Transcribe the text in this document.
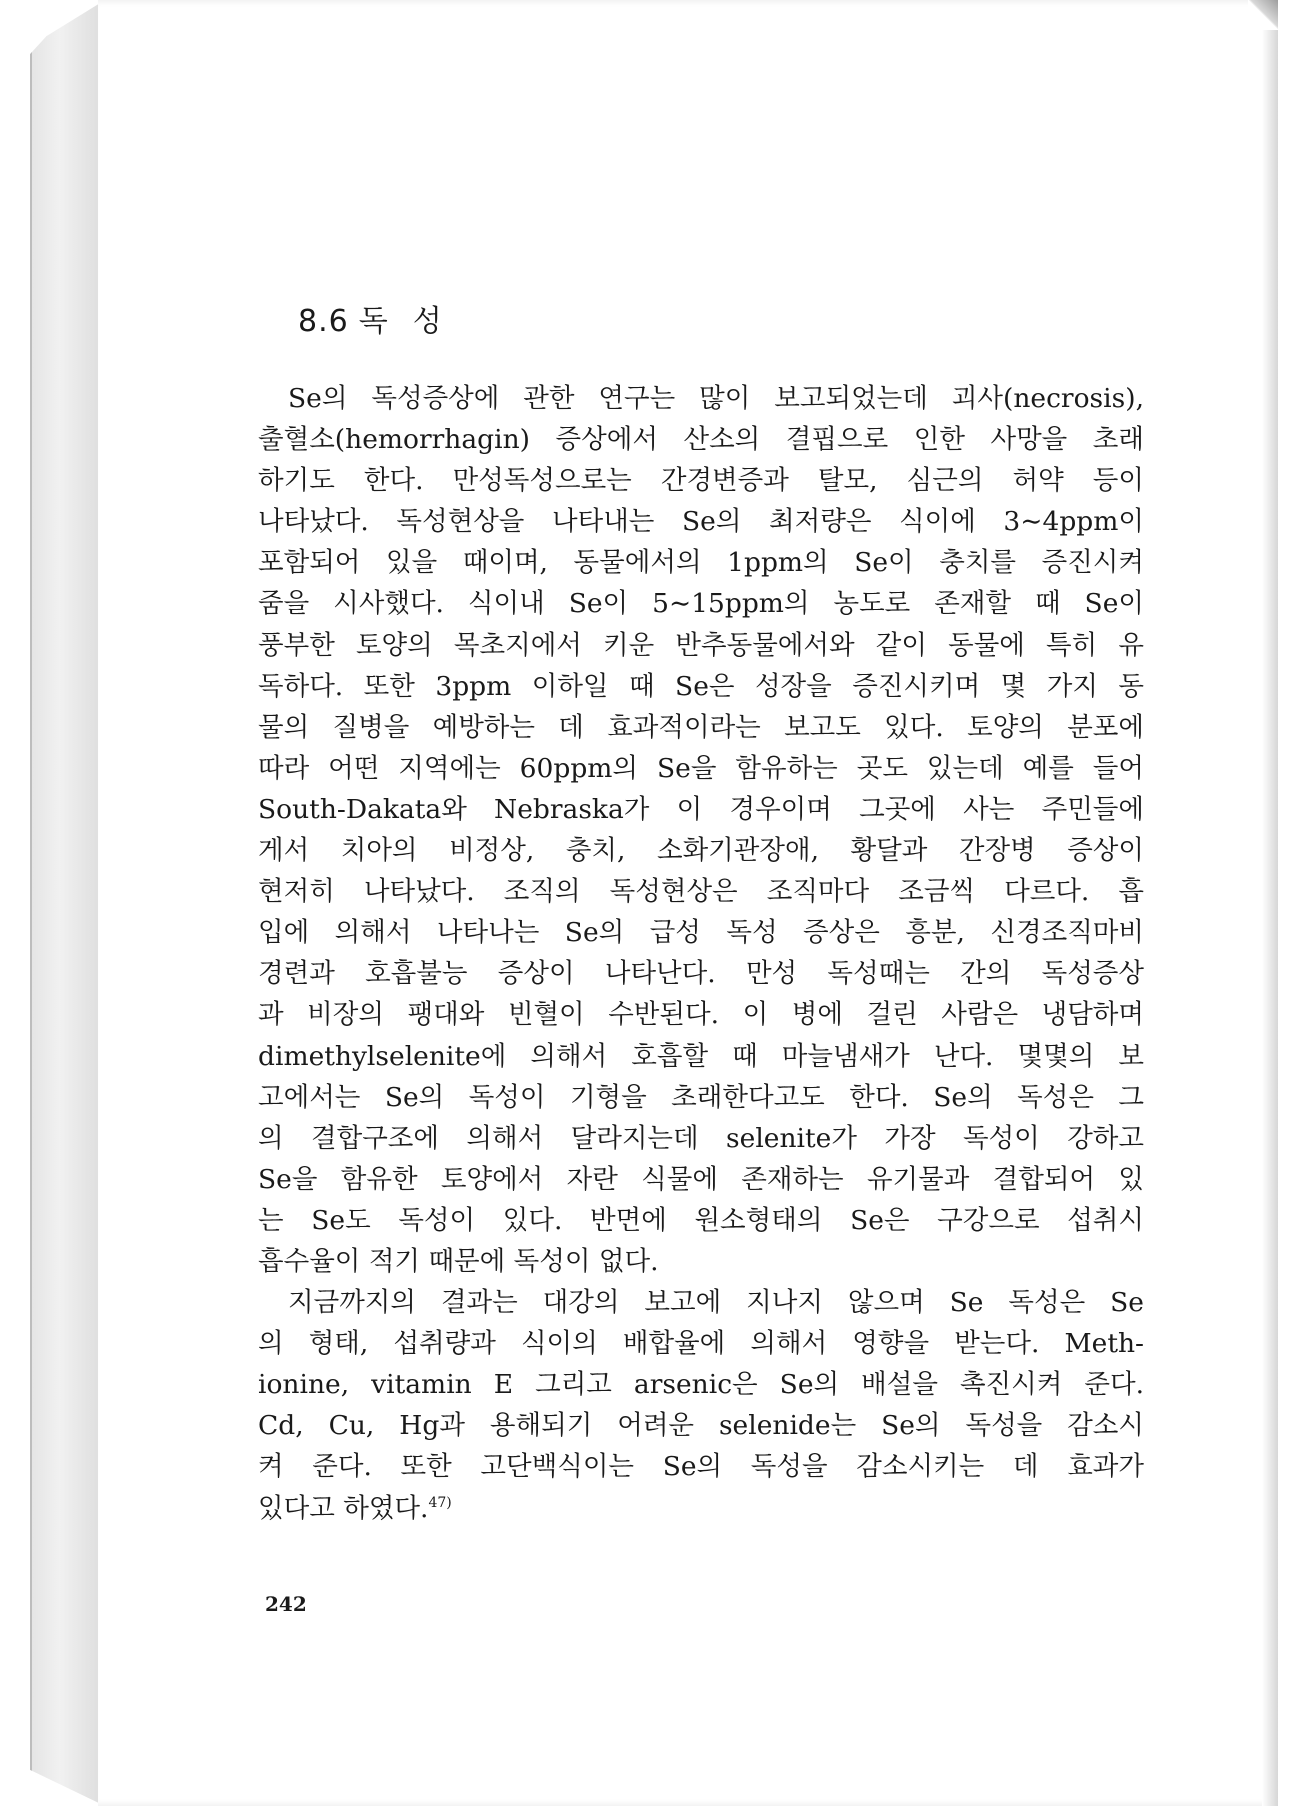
8.6 독 성

Se의 독성증상에 관한 연구는 많이 보고되었는데 괴사(necrosis),
출혈소(hemorrhagin) 증상에서 산소의 결핍으로 인한 사망을 초래
하기도 한다. 만성독성으로는 간경변증과 탈모, 심근의 허약 등이
나타났다. 독성현상을 나타내는 Se의 최저량은 식이에 3∼4ppm이
포함되어 있을 때이며, 동물에서의 1ppm의 Se이 충치를 증진시켜
줌을 시사했다. 식이내 Se이 5∼15ppm의 농도로 존재할 때 Se이
풍부한 토양의 목초지에서 키운 반추동물에서와 같이 동물에 특히 유
독하다. 또한 3ppm 이하일 때 Se은 성장을 증진시키며 몇 가지 동
물의 질병을 예방하는 데 효과적이라는 보고도 있다. 토양의 분포에
따라 어떤 지역에는 60ppm의 Se을 함유하는 곳도 있는데 예를 들어
South-Dakata와 Nebraska가 이 경우이며 그곳에 사는 주민들에
게서 치아의 비정상, 충치, 소화기관장애, 황달과 간장병 증상이
현저히 나타났다. 조직의 독성현상은 조직마다 조금씩 다르다. 흡
입에 의해서 나타나는 Se의 급성 독성 증상은 흥분, 신경조직마비
경련과 호흡불능 증상이 나타난다. 만성 독성때는 간의 독성증상
과 비장의 팽대와 빈혈이 수반된다. 이 병에 걸린 사람은 냉담하며
dimethylselenite에 의해서 호흡할 때 마늘냄새가 난다. 몇몇의 보
고에서는 Se의 독성이 기형을 초래한다고도 한다. Se의 독성은 그
의 결합구조에 의해서 달라지는데 selenite가 가장 독성이 강하고
Se을 함유한 토양에서 자란 식물에 존재하는 유기물과 결합되어 있
는 Se도 독성이 있다. 반면에 원소형태의 Se은 구강으로 섭취시
흡수율이 적기 때문에 독성이 없다.

지금까지의 결과는 대강의 보고에 지나지 않으며 Se 독성은 Se
의 형태, 섭취량과 식이의 배합율에 의해서 영향을 받는다. Meth-
ionine, vitamin E 그리고 arsenic은 Se의 배설을 촉진시켜 준다.
Cd, Cu, Hg과 용해되기 어려운 selenide는 Se의 독성을 감소시
켜 준다. 또한 고단백식이는 Se의 독성을 감소시키는 데 효과가
있다고 하였다.$^{47)}$

242
